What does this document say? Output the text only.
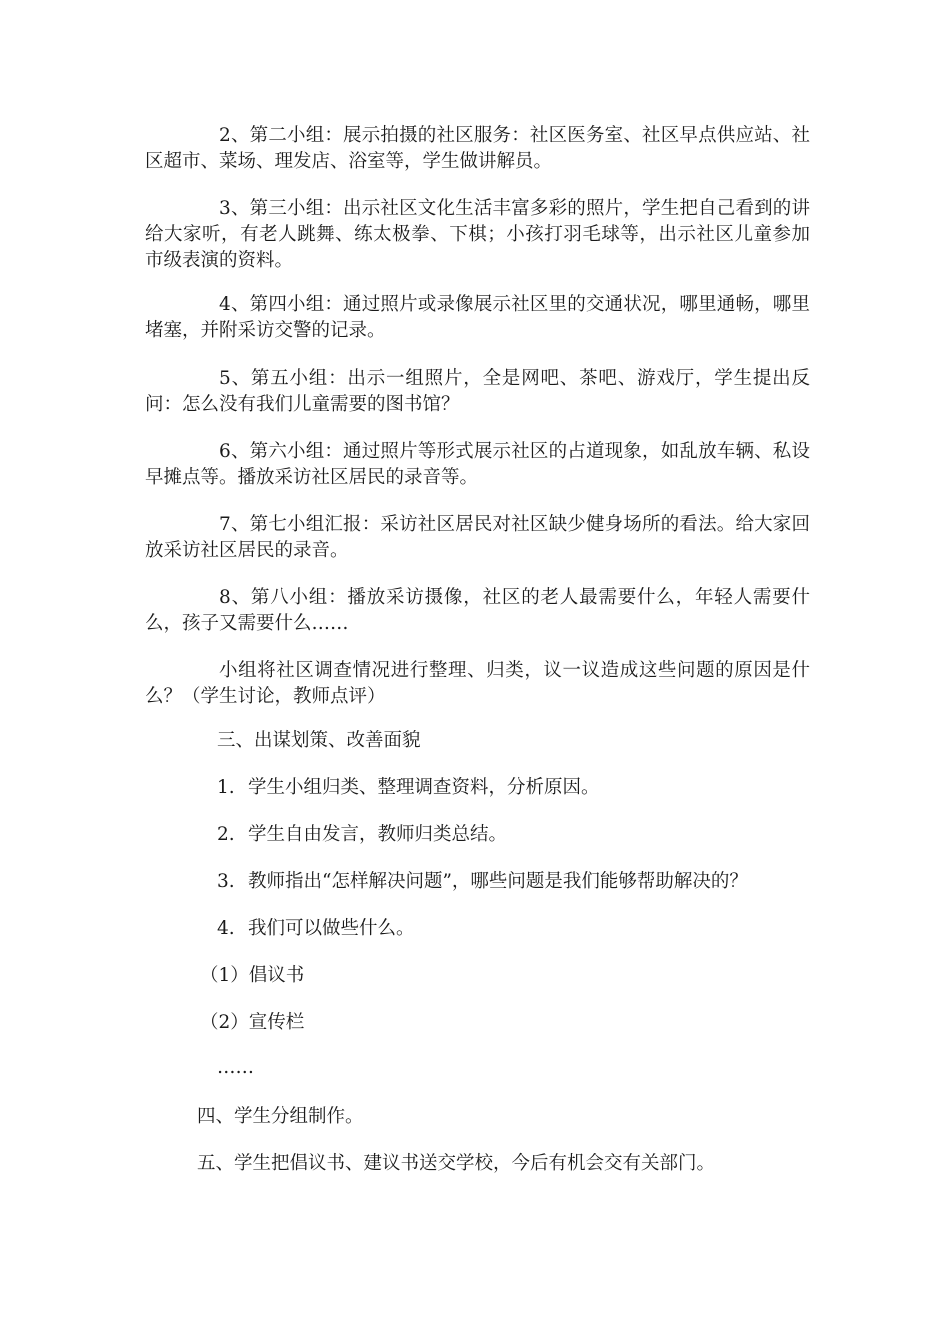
2、第二小组：展示拍摄的社区服务：社区医务室、社区早点供应站、社区超市、菜场、理发店、浴室等，学生做讲解员。

3、第三小组：出示社区文化生活丰富多彩的照片，学生把自己看到的讲给大家听，有老人跳舞、练太极拳、下棋；小孩打羽毛球等，出示社区儿童参加市级表演的资料。

4、第四小组：通过照片或录像展示社区里的交通状况，哪里通畅，哪里堵塞，并附采访交警的记录。

5、第五小组：出示一组照片，全是网吧、茶吧、游戏厅，学生提出反问：怎么没有我们儿童需要的图书馆？

6、第六小组：通过照片等形式展示社区的占道现象，如乱放车辆、私设早摊点等。播放采访社区居民的录音等。

7、第七小组汇报：采访社区居民对社区缺少健身场所的看法。给大家回放采访社区居民的录音。

8、第八小组：播放采访摄像，社区的老人最需要什么，年轻人需要什么，孩子又需要什么……

小组将社区调查情况进行整理、归类，议一议造成这些问题的原因是什么？（学生讨论，教师点评）

三、出谋划策、改善面貌

1. 学生小组归类、整理调查资料，分析原因。

2. 学生自由发言，教师归类总结。

3. 教师指出“怎样解决问题”，哪些问题是我们能够帮助解决的？

4. 我们可以做些什么。

（1）倡议书

（2）宣传栏

……

四、学生分组制作。

五、学生把倡议书、建议书送交学校，今后有机会交有关部门。
